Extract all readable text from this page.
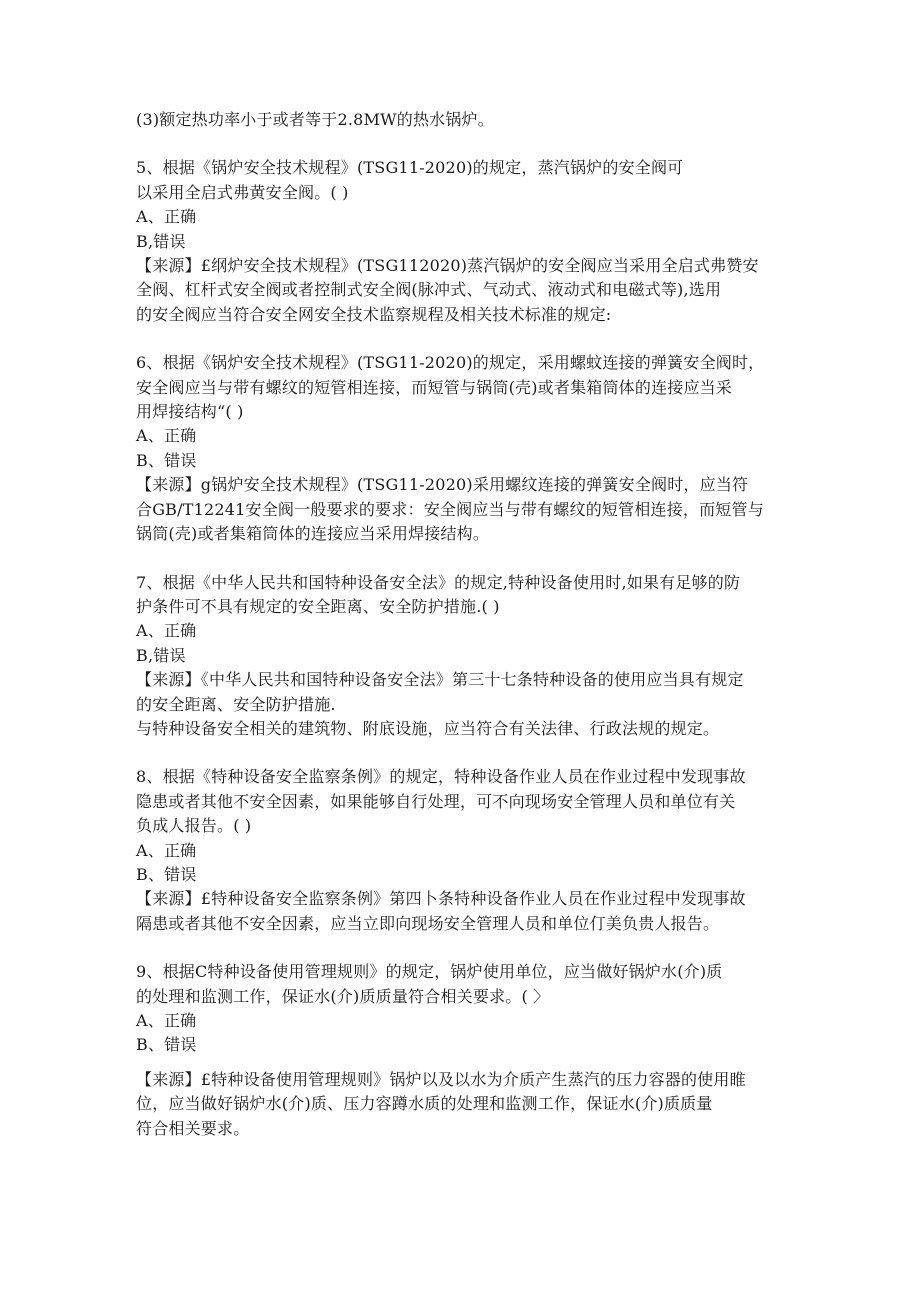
(3)额定热功率小于或者等于2.8MW的热水锅炉。
5、根据《锅炉安全技术规程》(TSG11-2020)的规定，蒸汽锅炉的安全阀可
以采用全启式弗黄安全阀。( )
A、正确
B,错误
【来源】£纲炉安全技术规程》(TSG112020)蒸汽锅炉的安全阀应当采用全启式弗赞安
全阀、杠杆式安全阀或者控制式安全阀(脉冲式、气动式、液动式和电磁式等),选用
的安全阀应当符合安全网安全技术监察规程及相关技术标准的规定:
6、根据《锅炉安全技术规程》(TSG11-2020)的规定，采用螺蚊连接的弹簧安全阀时，
安全阀应当与带有螺纹的短管相连接，而短管与锅筒(壳)或者集箱筒体的连接应当采
用焊接结构“( )
A、正确
B、错误
【来源】g锅炉安全技术规程》(TSG11-2020)采用螺纹连接的弹簧安全阀时，应当符
合GB/T12241安全阀一般要求的要求：安全阀应当与带有螺纹的短管相连接，而短管与
锅筒(壳)或者集箱筒体的连接应当采用焊接结构。
7、根据《中华人民共和国特种设备安全法》的规定,特种设备使用时,如果有足够的防
护条件可不具有规定的安全距离、安全防护措施.( )
A、正确
B,错误
【来源】《中华人民共和国特种设备安全法》第三十七条特种设备的使用应当具有规定
的安全距离、安全防护措施.
与特种设备安全相关的建筑物、附底设施，应当符合有关法律、行政法规的规定。
8、根据《特种设备安全监察条例》的规定，特种设备作业人员在作业过程中发现事故
隐患或者其他不安全因素，如果能够自行处理，可不向现场安全管理人员和单位有关
负成人报告。( )
A、正确
B、错误
【来源】£特种设备安全监察条例》第四卜条特种设备作业人员在作业过程中发现事故
隔患或者其他不安全因素，应当立即向现场安全管理人员和单位仃美负贵人报告。
9、根据C特种设备使用管理规则》的规定，锅炉使用单位，应当做好锅炉水(介)质
的处理和监测工作，保证水(介)质质量符合相关要求。( 〉
A、正确
B、错误
【来源】£特种设备使用管理规则》锅炉以及以水为介质产生蒸汽的压力容器的使用睢
位，应当做好锅炉水(介)质、压力容蹲水质的处理和监测工作，保证水(介)质质量
符合相关要求。
